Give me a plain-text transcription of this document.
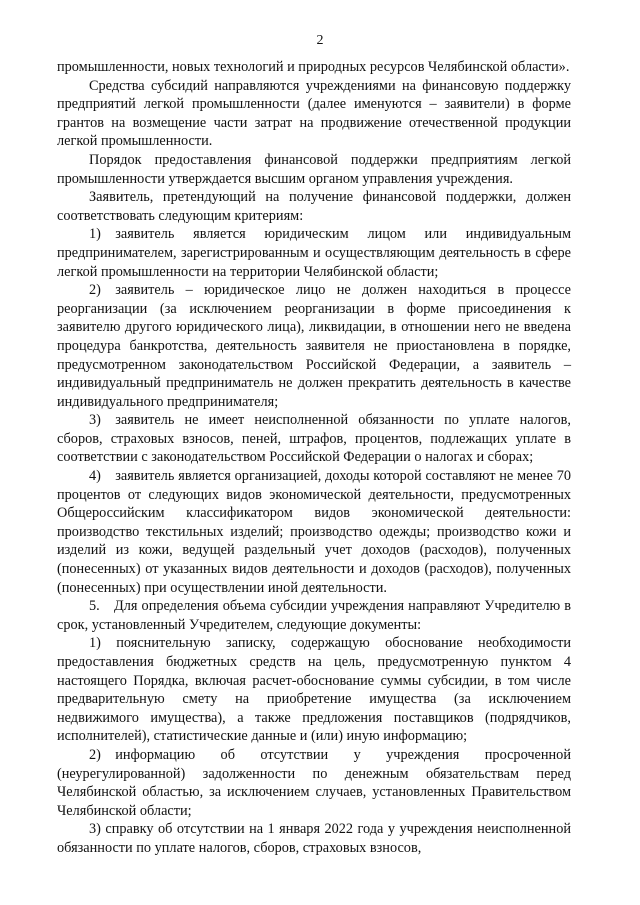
2

промышленности, новых технологий и природных ресурсов Челябинской области».

Средства субсидий направляются учреждениями на финансовую поддержку предприятий легкой промышленности (далее именуются – заявители) в форме грантов на возмещение части затрат на продвижение отечественной продукции легкой промышленности.

Порядок предоставления финансовой поддержки предприятиям легкой промышленности утверждается высшим органом управления учреждения.

Заявитель, претендующий на получение финансовой поддержки, должен соответствовать следующим критериям:

1) заявитель является юридическим лицом или индивидуальным предпринимателем, зарегистрированным и осуществляющим деятельность в сфере легкой промышленности на территории Челябинской области;

2) заявитель – юридическое лицо не должен находиться в процессе реорганизации (за исключением реорганизации в форме присоединения к заявителю другого юридического лица), ликвидации, в отношении него не введена процедура банкротства, деятельность заявителя не приостановлена в порядке, предусмотренном законодательством Российской Федерации, а заявитель – индивидуальный предприниматель не должен прекратить деятельность в качестве индивидуального предпринимателя;

3) заявитель не имеет неисполненной обязанности по уплате налогов, сборов, страховых взносов, пеней, штрафов, процентов, подлежащих уплате в соответствии с законодательством Российской Федерации о налогах и сборах;

4) заявитель является организацией, доходы которой составляют не менее 70 процентов от следующих видов экономической деятельности, предусмотренных Общероссийским классификатором видов экономической деятельности: производство текстильных изделий; производство одежды; производство кожи и изделий из кожи, ведущей раздельный учет доходов (расходов), полученных (понесенных) от указанных видов деятельности и доходов (расходов), полученных (понесенных) при осуществлении иной деятельности.

5. Для определения объема субсидии учреждения направляют Учредителю в срок, установленный Учредителем, следующие документы:

1) пояснительную записку, содержащую обоснование необходимости предоставления бюджетных средств на цель, предусмотренную пунктом 4 настоящего Порядка, включая расчет-обоснование суммы субсидии, в том числе предварительную смету на приобретение имущества (за исключением недвижимого имущества), а также предложения поставщиков (подрядчиков, исполнителей), статистические данные и (или) иную информацию;

2) информацию об отсутствии у учреждения просроченной (неурегулированной) задолженности по денежным обязательствам перед Челябинской областью, за исключением случаев, установленных Правительством Челябинской области;

3) справку об отсутствии на 1 января 2022 года у учреждения неисполненной обязанности по уплате налогов, сборов, страховых взносов,
